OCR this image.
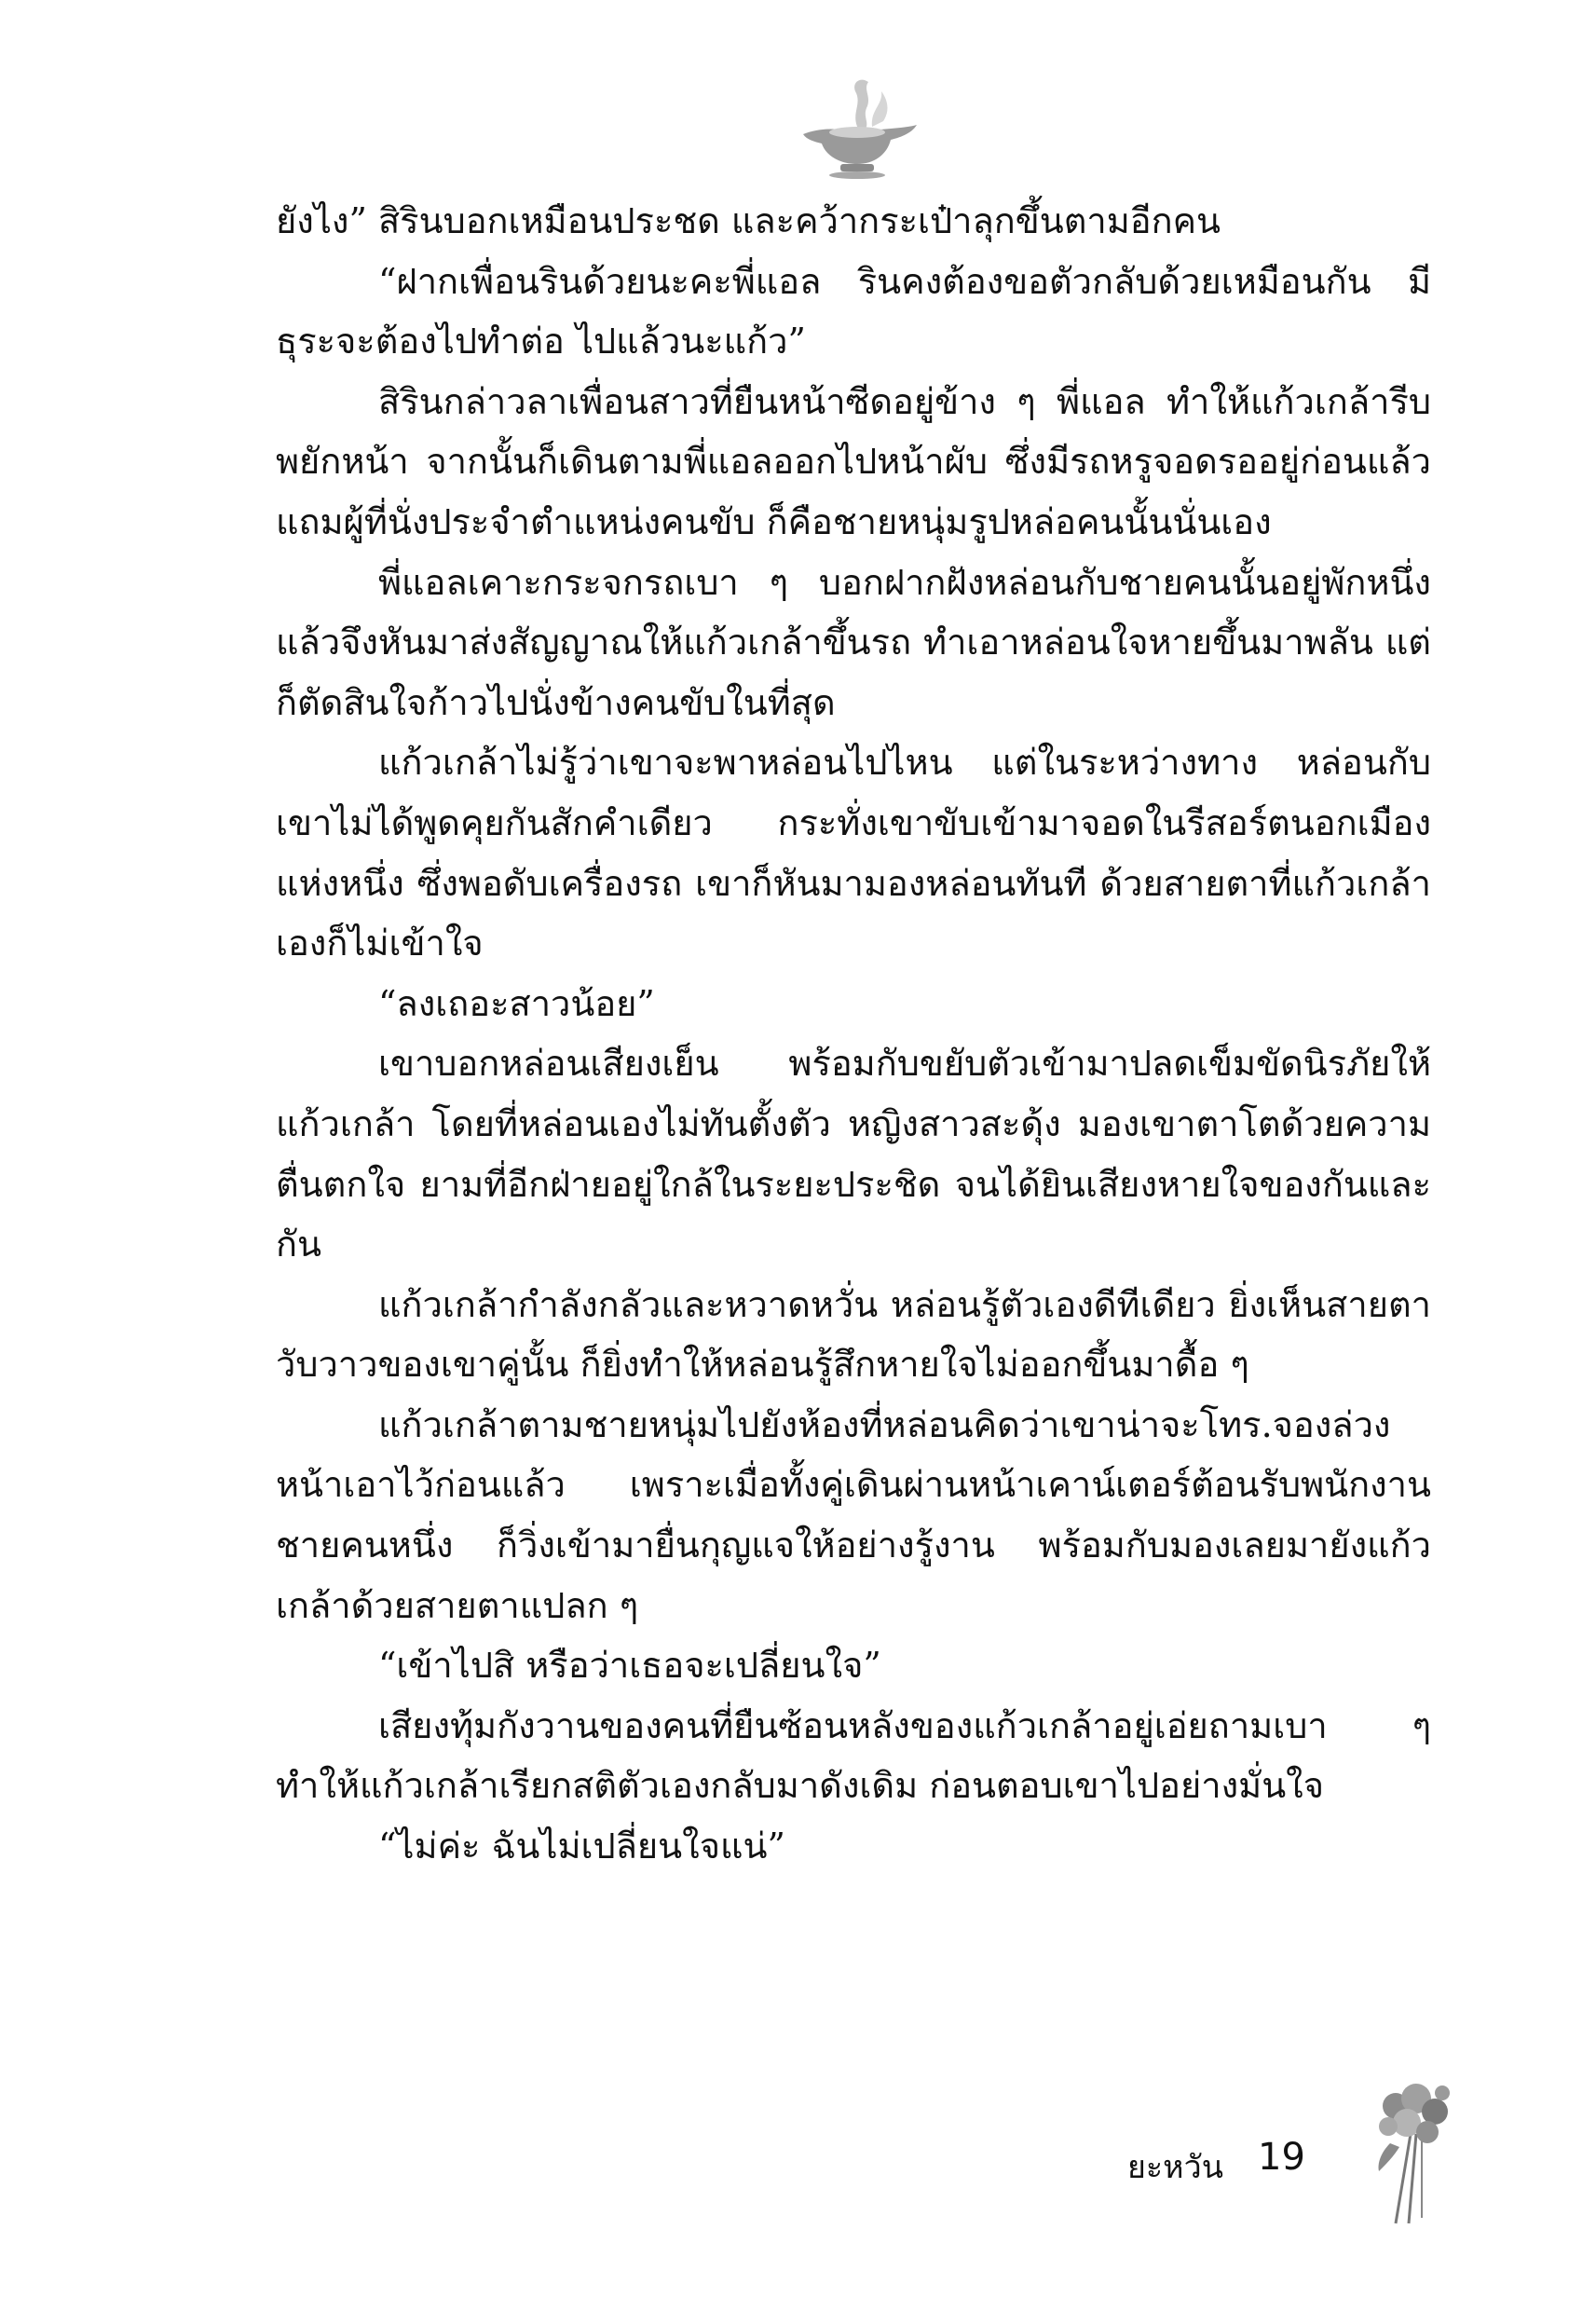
ยังไง” สิรินบอกเหมือนประชด และคว้ากระเป๋าลุกขึ้นตามอีกคน

“ฝากเพื่อนรินด้วยนะคะพี่แอล รินคงต้องขอตัวกลับด้วยเหมือนกัน มีธุระจะต้องไปทำต่อ ไปแล้วนะแก้ว”

สิรินกล่าวลาเพื่อนสาวที่ยืนหน้าซีดอยู่ข้าง ๆ พี่แอล ทำให้แก้วเกล้ารีบพยักหน้า จากนั้นก็เดินตามพี่แอลออกไปหน้าผับ ซึ่งมีรถหรูจอดรออยู่ก่อนแล้ว แถมผู้ที่นั่งประจำตำแหน่งคนขับ ก็คือชายหนุ่มรูปหล่อคนนั้นนั่นเอง

พี่แอลเคาะกระจกรถเบา ๆ บอกฝากฝังหล่อนกับชายคนนั้นอยู่พักหนึ่ง แล้วจึงหันมาส่งสัญญาณให้แก้วเกล้าขึ้นรถ ทำเอาหล่อนใจหายขึ้นมาพลัน แต่ก็ตัดสินใจก้าวไปนั่งข้างคนขับในที่สุด

แก้วเกล้าไม่รู้ว่าเขาจะพาหล่อนไปไหน แต่ในระหว่างทาง หล่อนกับเขาไม่ได้พูดคุยกันสักคำเดียว กระทั่งเขาขับเข้ามาจอดในรีสอร์ตนอกเมืองแห่งหนึ่ง ซึ่งพอดับเครื่องรถ เขาก็หันมามองหล่อนทันที ด้วยสายตาที่แก้วเกล้าเองก็ไม่เข้าใจ

“ลงเถอะสาวน้อย”

เขาบอกหล่อนเสียงเย็น พร้อมกับขยับตัวเข้ามาปลดเข็มขัดนิรภัยให้แก้วเกล้า โดยที่หล่อนเองไม่ทันตั้งตัว หญิงสาวสะดุ้ง มองเขาตาโตด้วยความตื่นตกใจ ยามที่อีกฝ่ายอยู่ใกล้ในระยะประชิด จนได้ยินเสียงหายใจของกันและกัน

แก้วเกล้ากำลังกลัวและหวาดหวั่น หล่อนรู้ตัวเองดีทีเดียว ยิ่งเห็นสายตาวับวาวของเขาคู่นั้น ก็ยิ่งทำให้หล่อนรู้สึกหายใจไม่ออกขึ้นมาดื้อ ๆ

แก้วเกล้าตามชายหนุ่มไปยังห้องที่หล่อนคิดว่าเขาน่าจะโทร.จองล่วงหน้าเอาไว้ก่อนแล้ว เพราะเมื่อทั้งคู่เดินผ่านหน้าเคาน์เตอร์ต้อนรับพนักงานชายคนหนึ่ง ก็วิ่งเข้ามายื่นกุญแจให้อย่างรู้งาน พร้อมกับมองเลยมายังแก้วเกล้าด้วยสายตาแปลก ๆ

“เข้าไปสิ หรือว่าเธอจะเปลี่ยนใจ”

เสียงทุ้มกังวานของคนที่ยืนซ้อนหลังของแก้วเกล้าอยู่เอ่ยถามเบา ๆ ทำให้แก้วเกล้าเรียกสติตัวเองกลับมาดังเดิม ก่อนตอบเขาไปอย่างมั่นใจ

“ไม่ค่ะ ฉันไม่เปลี่ยนใจแน่”

ยะหวัน 19
